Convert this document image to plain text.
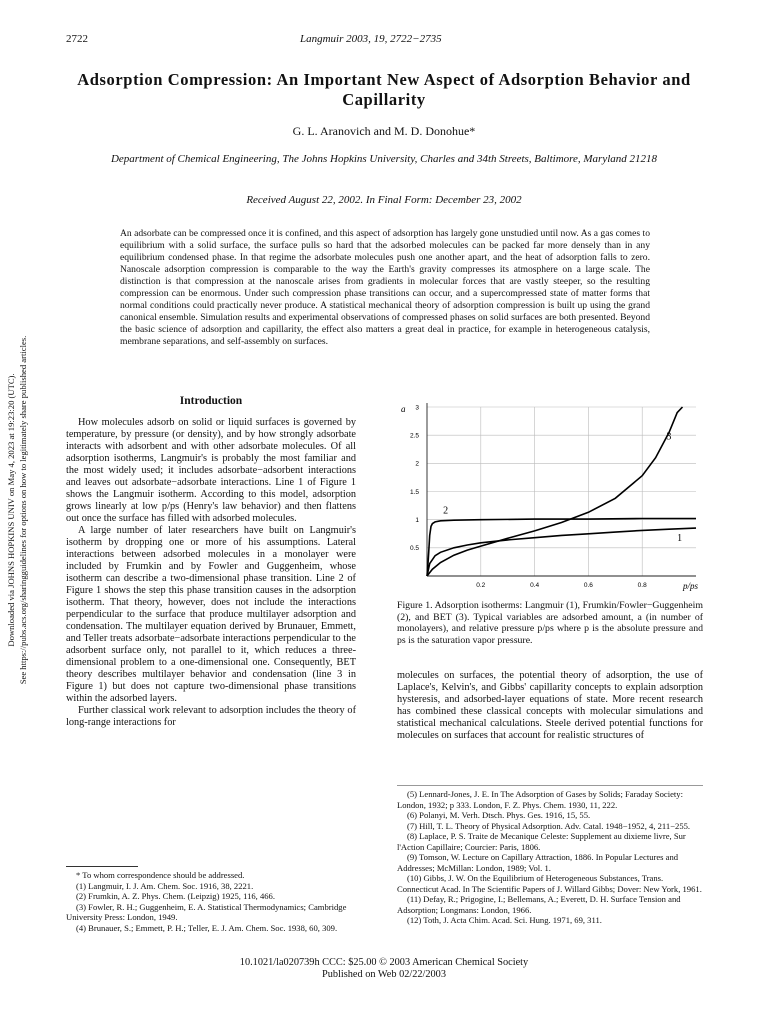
2722	Langmuir 2003, 19, 2722−2735
Adsorption Compression: An Important New Aspect of Adsorption Behavior and Capillarity
G. L. Aranovich and M. D. Donohue*
Department of Chemical Engineering, The Johns Hopkins University, Charles and 34th Streets, Baltimore, Maryland 21218
Received August 22, 2002. In Final Form: December 23, 2002
An adsorbate can be compressed once it is confined, and this aspect of adsorption has largely gone unstudied until now. As a gas comes to equilibrium with a solid surface, the surface pulls so hard that the adsorbed molecules can be packed far more densely than in any equilibrium condensed phase. In that regime the adsorbate molecules push one another apart, and the heat of adsorption falls to zero. Nanoscale adsorption compression is comparable to the way the Earth's gravity compresses its atmosphere on a large scale. The distinction is that compression at the nanoscale arises from gradients in molecular forces that are vastly steeper, so the resulting compression can be enormous. Under such compression phase transitions can occur, and a supercompressed state of matter forms that normal conditions could practically never produce. A statistical mechanical theory of adsorption compression is built up using the grand canonical ensemble. Simulation results and experimental observations of compressed phases on solid surfaces are both presented. Beyond the basic science of adsorption and capillarity, the effect also matters a great deal in practice, for example in heterogeneous catalysis, membrane separations, and self-assembly on surfaces.
Downloaded via JOHNS HOPKINS UNIV on May 4, 2023 at 19:23:20 (UTC). See https://pubs.acs.org/sharingguidelines for options on how to legitimately share published articles.	Introduction

How molecules adsorb on solid or liquid surfaces is governed by temperature, by pressure (or density), and by how strongly adsorbate interacts with adsorbent and with other adsorbate molecules. Of all adsorption isotherms, Langmuir's is probably the most familiar and the most widely used; it includes adsorbate−adsorbent interactions and leaves out adsorbate−adsorbate interactions. Line 1 of Figure 1 shows the Langmuir isotherm. According to this model, adsorption grows linearly at low p/ps (Henry's law behavior) and then flattens out once the surface has filled with adsorbed molecules.

A large number of later researchers have built on Langmuir's isotherm by dropping one or more of his assumptions. Lateral interactions between adsorbed molecules in a monolayer were included by Frumkin and by Fowler and Guggenheim, whose isotherm can describe a two-dimensional phase transition. Line 2 of Figure 1 shows the step this phase transition causes in the adsorption isotherm. That theory, however, does not include the interactions perpendicular to the surface that produce multilayer adsorption and condensation. The multilayer equation derived by Brunauer, Emmett, and Teller treats adsorbate−adsorbate interactions perpendicular to the adsorbent surface only, not parallel to it, which reduces a three-dimensional problem to a one-dimensional one. Consequently, BET theory describes multilayer behavior and condensation (line 3 in Figure 1) but does not capture two-dimensional phase transitions within the adsorbed layers.

Further classical work relevant to adsorption includes the theory of long-range interactions for

* To whom correspondence should be addressed.
(1) Langmuir, I. J. Am. Chem. Soc. 1916, 38, 2221.
(2) Frumkin, A. Z. Phys. Chem. (Leipzig) 1925, 116, 466.
(3) Fowler, R. H.; Guggenheim, E. A. Statistical Thermodynamics; Cambridge University Press: London, 1949.
(4) Brunauer, S.; Emmett, P. H.; Teller, E. J. Am. Chem. Soc. 1938, 60, 309.
0.2	0.4	0.6	0.8
0.5
1
1.5
2
2.5
3
a
p/ps
1
2
3
Figure 1. Adsorption isotherms: Langmuir (1), Frumkin/Fowler−Guggenheim (2), and BET (3). Typical variables are adsorbed amount, a (in number of monolayers), and relative pressure p/ps where p is the absolute pressure and ps is the saturation vapor pressure.
molecules on surfaces, the potential theory of adsorption, the use of Laplace's, Kelvin's, and Gibbs' capillarity concepts to explain adsorption hysteresis, and adsorbed-layer equations of state. More recent research has combined these classical concepts with molecular simulations and statistical mechanical calculations. Steele derived potential functions for molecules on surfaces that account for realistic structures of
(5) Lennard-Jones, J. E. In The Adsorption of Gases by Solids; Faraday Society: London, 1932; p 333. London, F. Z. Phys. Chem. 1930, 11, 222.
(6) Polanyi, M. Verh. Dtsch. Phys. Ges. 1916, 15, 55.
(7) Hill, T. L. Theory of Physical Adsorption. Adv. Catal. 1948−1952, 4, 211−255.
(8) Laplace, P. S. Traite de Mecanique Celeste: Supplement au dixieme livre, Sur l'Action Capillaire; Courcier: Paris, 1806.
(9) Tomson, W. Lecture on Capillary Attraction, 1886. In Popular Lectures and Addresses; McMillan: London, 1989; Vol. 1.
(10) Gibbs, J. W. On the Equilibrium of Heterogeneous Substances, Trans. Connecticut Acad. In The Scientific Papers of J. Willard Gibbs; Dover: New York, 1961.
(11) Defay, R.; Prigogine, I.; Bellemans, A.; Everett, D. H. Surface Tension and Adsorption; Longmans: London, 1966.
(12) Toth, J. Acta Chim. Acad. Sci. Hung. 1971, 69, 311.
10.1021/la020739h CCC: $25.00 © 2003 American Chemical Society
Published on Web 02/22/2003
